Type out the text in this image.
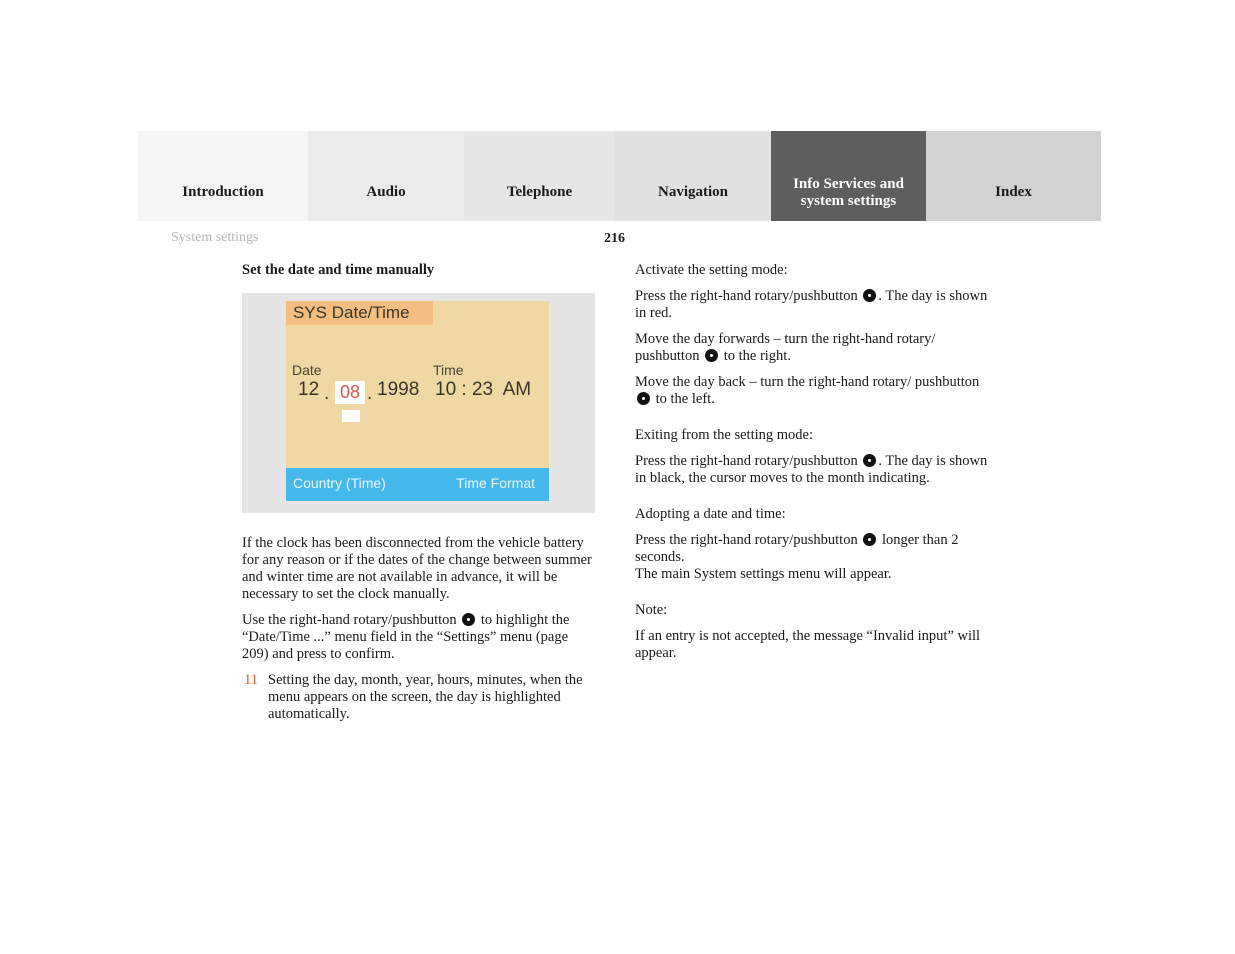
Introduction	Audio	Telephone	Navigation	Info Services and
system settings
Index
System settings	216

Set the date and time manually

SYS Date/Time
Date	Time
12 . 08 . 1998 10 : 23  AM
Country (Time)	Time Format

If the clock has been disconnected from the vehicle battery for any reason or if the dates of the change between summer and winter time are not available in advance, it will be necessary to set the clock manually.

Use the right-hand rotary/pushbutton to highlight the “Date/Time ...” menu field in the “Settings” menu (page 209) and press to confirm.

11 Setting the day, month, year, hours, minutes, when the menu appears on the screen, the day is highlighted automatically.

Activate the setting mode:

Press the right-hand rotary/pushbutton . The day is shown in red.

Move the day forwards – turn the right-hand rotary/ pushbutton to the right.

Move the day back – turn the right-hand rotary/ pushbutton  to the left.

Exiting from the setting mode:

Press the right-hand rotary/pushbutton . The day is shown in black, the cursor moves to the month indicating.

Adopting a date and time:

Press the right-hand rotary/pushbutton longer than 2 seconds.
The main System settings menu will appear.

Note:

If an entry is not accepted, the message “Invalid input” will appear.
